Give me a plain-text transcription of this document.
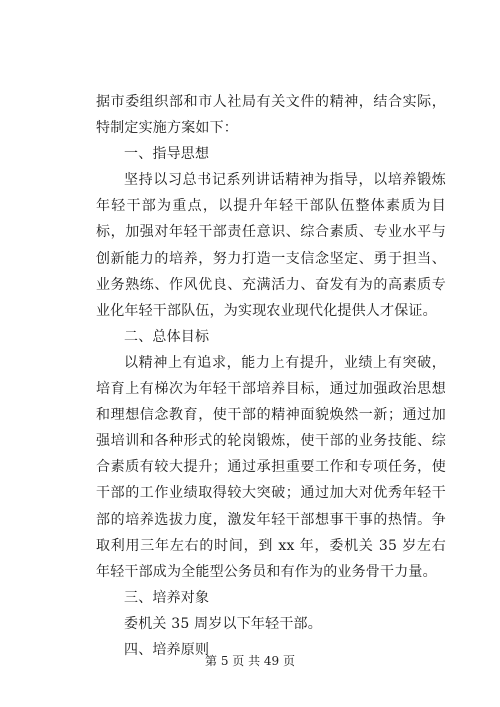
据市委组织部和市人社局有关文件的精神，结合实际，特制定实施方案如下：

一、指导思想

坚持以习总书记系列讲话精神为指导，以培养锻炼年轻干部为重点，以提升年轻干部队伍整体素质为目标，加强对年轻干部责任意识、综合素质、专业水平与创新能力的培养，努力打造一支信念坚定、勇于担当、业务熟练、作风优良、充满活力、奋发有为的高素质专业化年轻干部队伍，为实现农业现代化提供人才保证。

二、总体目标

以精神上有追求，能力上有提升，业绩上有突破，培育上有梯次为年轻干部培养目标，通过加强政治思想和理想信念教育，使干部的精神面貌焕然一新；通过加强培训和各种形式的轮岗锻炼，使干部的业务技能、综合素质有较大提升；通过承担重要工作和专项任务，使干部的工作业绩取得较大突破；通过加大对优秀年轻干部的培养选拔力度，激发年轻干部想事干事的热情。争取利用三年左右的时间，到 xx 年，委机关 35 岁左右年轻干部成为全能型公务员和有作为的业务骨干力量。

三、培养对象

委机关 35 周岁以下年轻干部。

四、培养原则

第 5 页 共 49 页
